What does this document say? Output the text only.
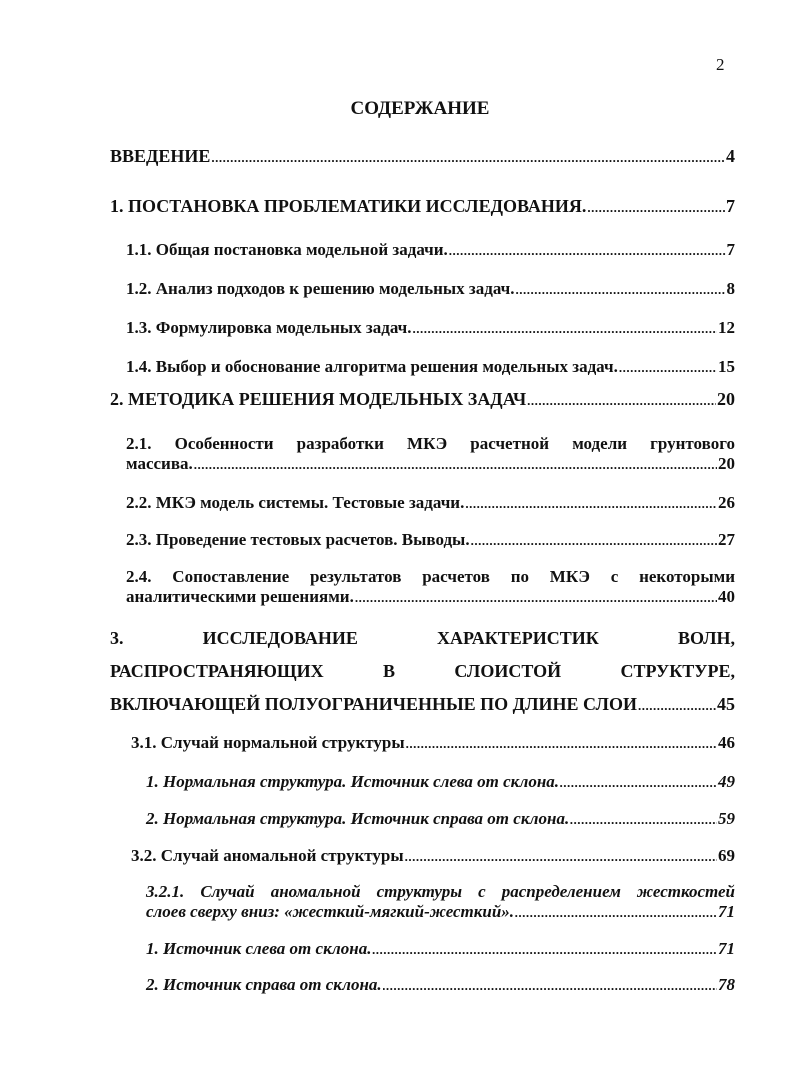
2
СОДЕРЖАНИЕ
ВВЕДЕНИЕ .....	4
1. ПОСТАНОВКА ПРОБЛЕМАТИКИ ИССЛЕДОВАНИЯ. .....	7
1.1. Общая постановка модельной задачи. .....	7
1.2. Анализ подходов к решению модельных задач. .....	8
1.3. Формулировка модельных задач. .....	12
1.4. Выбор и обоснование алгоритма решения модельных задач. .....	15
2. МЕТОДИКА РЕШЕНИЯ МОДЕЛЬНЫХ ЗАДАЧ .....	20
2.1. Особенности разработки МКЭ расчетной модели грунтового
массива. .....	20
2.2. МКЭ модель системы. Тестовые задачи. .....	26
2.3. Проведение тестовых расчетов. Выводы. .....	27
2.4. Сопоставление результатов расчетов по МКЭ с некоторыми
аналитическими решениями. .....	40
3. ИССЛЕДОВАНИЕ ХАРАКТЕРИСТИК ВОЛН,
РАСПРОСТРАНЯЮЩИХ В СЛОИСТОЙ СТРУКТУРЕ,
ВКЛЮЧАЮЩЕЙ ПОЛУОГРАНИЧЕННЫЕ ПО ДЛИНЕ СЛОИ .....	45
3.1. Случай нормальной структуры .....	46
1. Нормальная структура. Источник слева от склона. .....	49
2. Нормальная структура. Источник справа от склона. .....	59
3.2. Случай аномальной структуры .....	69
3.2.1. Случай аномальной структуры с распределением жесткостей
слоев сверху вниз: «жесткий-мягкий-жесткий». .....	71
1. Источник слева от склона. .....	71
2. Источник справа от склона. .....	78
